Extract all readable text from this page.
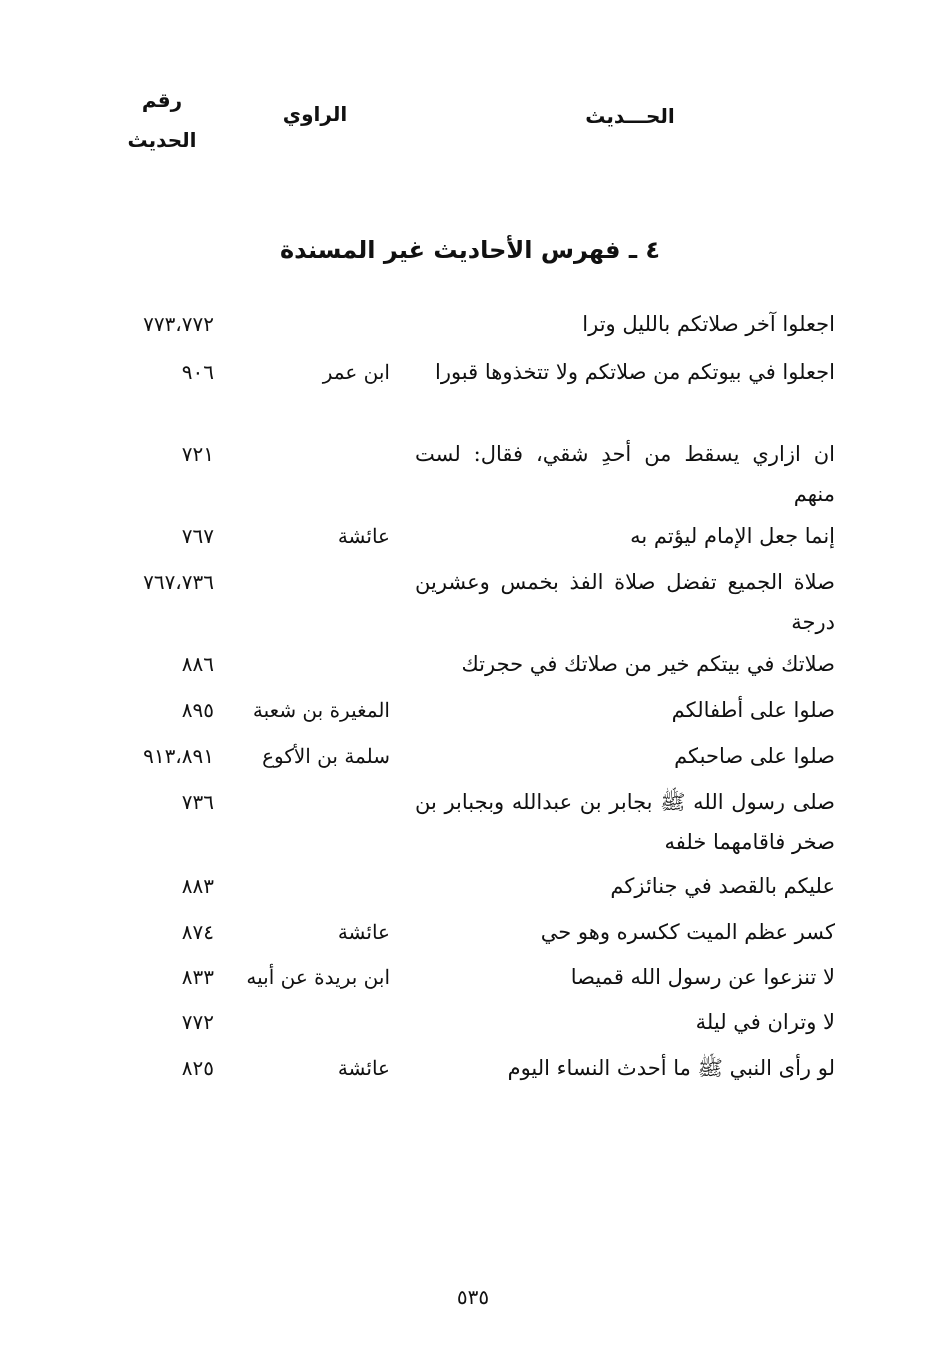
الحـــديث
الراوي
رقم
الحديث
٤ ـ فهرس الأحاديث غير المسندة
اجعلوا آخر صلاتكم بالليل وترا
٧٧٣،٧٧٢
اجعلوا في بيوتكم من صلاتكم ولا تتخذوها قبورا
ابن عمر
٩٠٦
ان ازاري يسقط من أحدِ شقي، فقال: لست منهم
٧٢١
إنما جعل الإمام ليؤتم به
عائشة
٧٦٧
صلاة الجميع تفضل صلاة الفذ بخمس وعشرين درجة
٧٦٧،٧٣٦
صلاتك في بيتكم خير من صلاتك في حجرتك
٨٨٦
صلوا على أطفالكم
المغيرة بن شعبة
٨٩٥
صلوا على صاحبكم
سلمة بن الأكوع
٩١٣،٨٩١
صلى رسول الله ﷺ بجابر بن عبدالله وبجبابر بن صخر فاقامهما خلفه
٧٣٦
عليكم بالقصد في جنائزكم
٨٨٣
كسر عظم الميت ككسره وهو حي
عائشة
٨٧٤
لا تنزعوا عن رسول الله قميصا
ابن بريدة عن أبيه
٨٣٣
لا وتران في ليلة
٧٧٢
لو رأى النبي ﷺ ما أحدث النساء اليوم
عائشة
٨٢٥
٥٣٥
